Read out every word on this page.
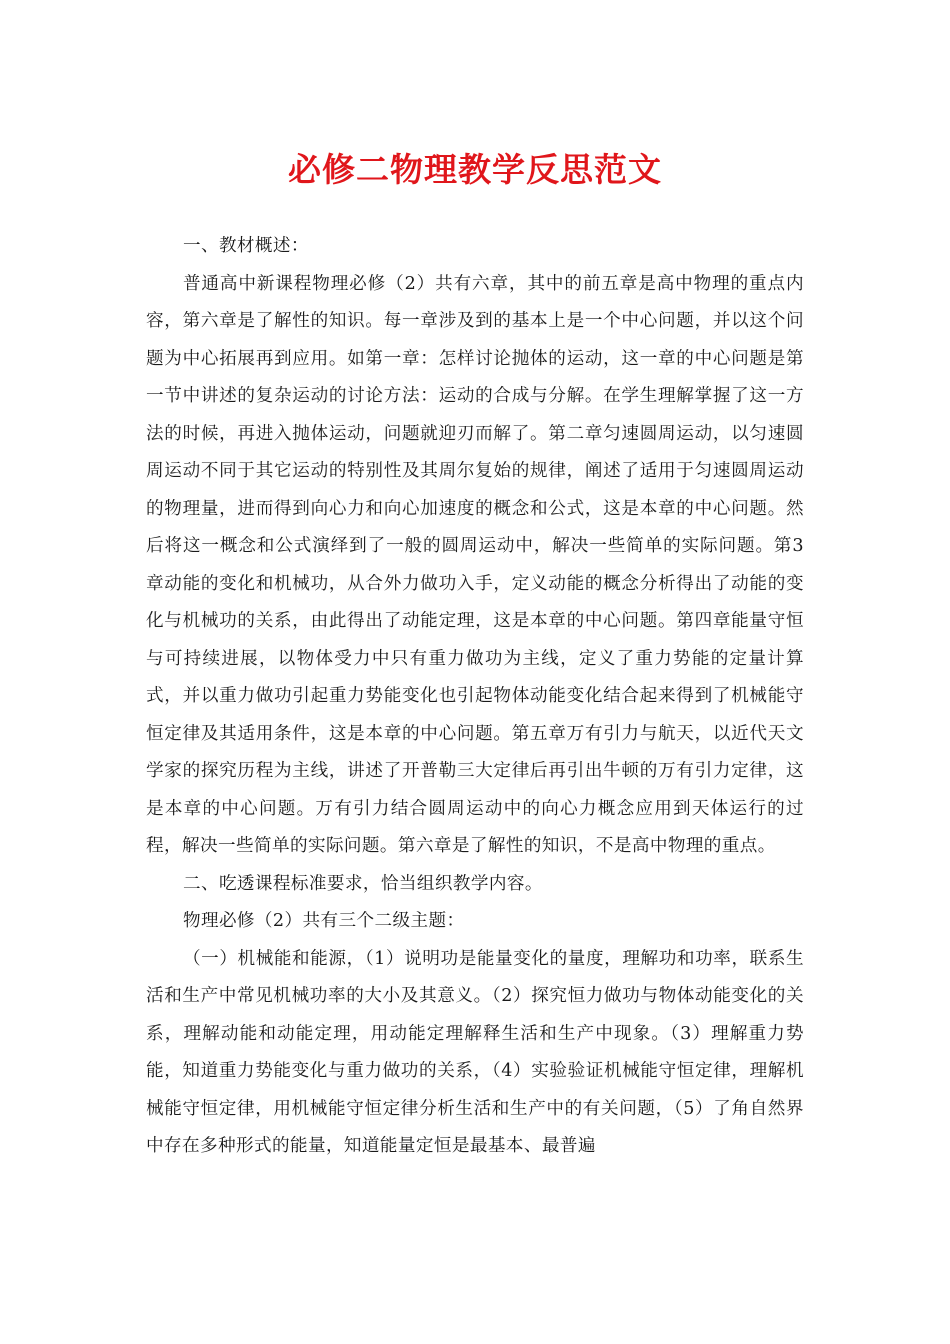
必修二物理教学反思范文

一、教材概述：

普通高中新课程物理必修（2）共有六章，其中的前五章是高中物理的重点内容，第六章是了解性的知识。每一章涉及到的基本上是一个中心问题，并以这个问题为中心拓展再到应用。如第一章：怎样讨论抛体的运动，这一章的中心问题是第一节中讲述的复杂运动的讨论方法：运动的合成与分解。在学生理解掌握了这一方法的时候，再进入抛体运动，问题就迎刃而解了。第二章匀速圆周运动，以匀速圆周运动不同于其它运动的特别性及其周尔复始的规律，阐述了适用于匀速圆周运动的物理量，进而得到向心力和向心加速度的概念和公式，这是本章的中心问题。然后将这一概念和公式演绎到了一般的圆周运动中，解决一些简单的实际问题。第3章动能的变化和机械功，从合外力做功入手，定义动能的概念分析得出了动能的变化与机械功的关系，由此得出了动能定理，这是本章的中心问题。第四章能量守恒与可持续进展，以物体受力中只有重力做功为主线，定义了重力势能的定量计算式，并以重力做功引起重力势能变化也引起物体动能变化结合起来得到了机械能守恒定律及其适用条件，这是本章的中心问题。第五章万有引力与航天，以近代天文学家的探究历程为主线，讲述了开普勒三大定律后再引出牛顿的万有引力定律，这是本章的中心问题。万有引力结合圆周运动中的向心力概念应用到天体运行的过程，解决一些简单的实际问题。第六章是了解性的知识，不是高中物理的重点。

二、吃透课程标准要求，恰当组织教学内容。

物理必修（2）共有三个二级主题：

（一）机械能和能源，（1）说明功是能量变化的量度，理解功和功率，联系生活和生产中常见机械功率的大小及其意义。（2）探究恒力做功与物体动能变化的关系，理解动能和动能定理，用动能定理解释生活和生产中现象。（3）理解重力势能，知道重力势能变化与重力做功的关系，（4）实验验证机械能守恒定律，理解机械能守恒定律，用机械能守恒定律分析生活和生产中的有关问题，（5）了角自然界中存在多种形式的能量，知道能量定恒是最基本、最普遍
